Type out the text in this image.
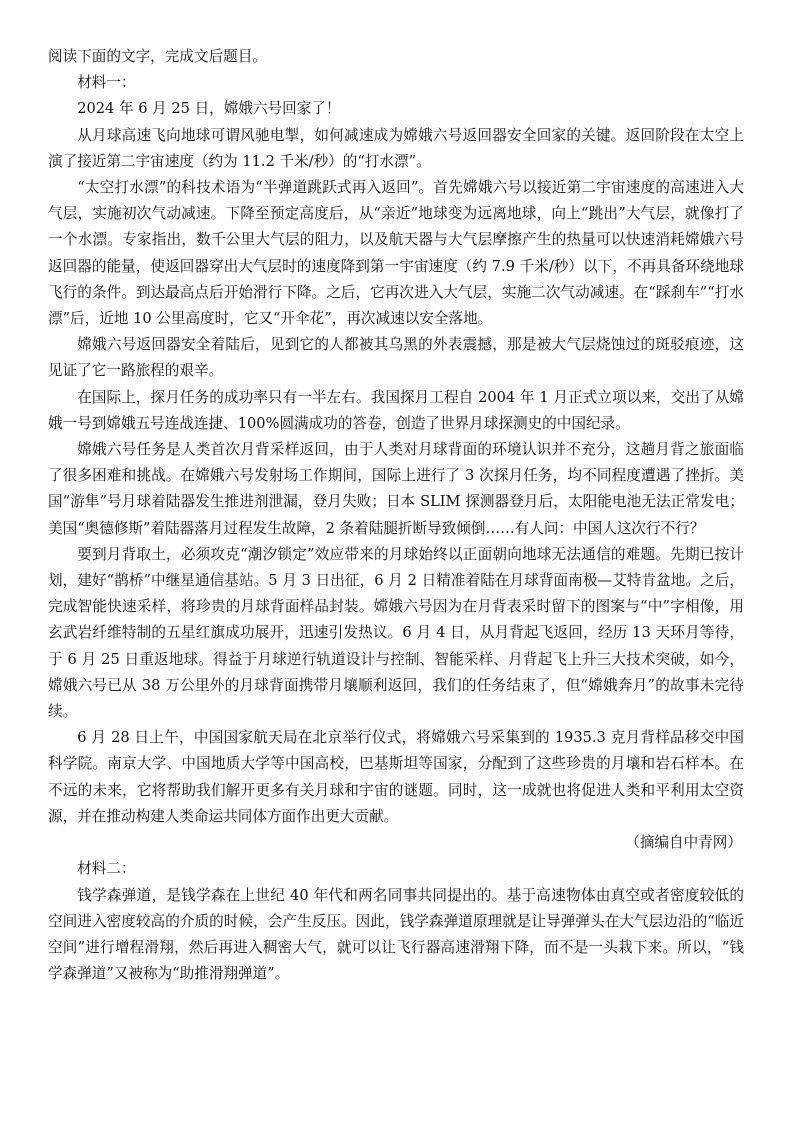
阅读下面的文字，完成文后题目。

材料一：

2024 年 6 月 25 日，嫦娥六号回家了！

从月球高速飞向地球可谓风驰电掣，如何减速成为嫦娥六号返回器安全回家的关键。返回阶段在太空上演了接近第二宇宙速度（约为 11.2 千米/秒）的“打水漂”。

“太空打水漂”的科技术语为“半弹道跳跃式再入返回”。首先嫦娥六号以接近第二宇宙速度的高速进入大气层，实施初次气动减速。下降至预定高度后，从“亲近”地球变为远离地球，向上“跳出”大气层，就像打了一个水漂。专家指出，数千公里大气层的阻力，以及航天器与大气层摩擦产生的热量可以快速消耗嫦娥六号返回器的能量，使返回器穿出大气层时的速度降到第一宇宙速度（约 7.9 千米/秒）以下，不再具备环绕地球飞行的条件。到达最高点后开始滑行下降。之后，它再次进入大气层，实施二次气动减速。在“踩刹车”“打水漂”后，近地 10 公里高度时，它又“开伞花”，再次减速以安全落地。

嫦娥六号返回器安全着陆后，见到它的人都被其乌黑的外表震撼，那是被大气层烧蚀过的斑驳痕迹，这见证了它一路旅程的艰辛。

在国际上，探月任务的成功率只有一半左右。我国探月工程自 2004 年 1 月正式立项以来，交出了从嫦娥一号到嫦娥五号连战连捷、100%圆满成功的答卷，创造了世界月球探测史的中国纪录。

嫦娥六号任务是人类首次月背采样返回，由于人类对月球背面的环境认识并不充分，这趟月背之旅面临了很多困难和挑战。在嫦娥六号发射场工作期间，国际上进行了 3 次探月任务，均不同程度遭遇了挫折。美国“游隼”号月球着陆器发生推进剂泄漏，登月失败；日本 SLIM 探测器登月后，太阳能电池无法正常发电；美国“奥德修斯”着陆器落月过程发生故障，2 条着陆腿折断导致倾倒……有人问：中国人这次行不行？

要到月背取土，必须攻克“潮汐锁定”效应带来的月球始终以正面朝向地球无法通信的难题。先期已按计划，建好“鹊桥”中继星通信基站。5 月 3 日出征，6 月 2 日精准着陆在月球背面南极—艾特肯盆地。之后，完成智能快速采样，将珍贵的月球背面样品封装。嫦娥六号因为在月背表采时留下的图案与“中”字相像，用玄武岩纤维特制的五星红旗成功展开，迅速引发热议。6 月 4 日，从月背起飞返回，经历 13 天环月等待，于 6 月 25 日重返地球。得益于月球逆行轨道设计与控制、智能采样、月背起飞上升三大技术突破，如今，嫦娥六号已从 38 万公里外的月球背面携带月壤顺利返回，我们的任务结束了，但“嫦娥奔月”的故事未完待续。

6 月 28 日上午，中国国家航天局在北京举行仪式，将嫦娥六号采集到的 1935.3 克月背样品移交中国科学院。南京大学、中国地质大学等中国高校，巴基斯坦等国家，分配到了这些珍贵的月壤和岩石样本。在不远的未来，它将帮助我们解开更多有关月球和宇宙的谜题。同时，这一成就也将促进人类和平利用太空资源，并在推动构建人类命运共同体方面作出更大贡献。

（摘编自中青网）

材料二：

钱学森弹道，是钱学森在上世纪 40 年代和两名同事共同提出的。基于高速物体由真空或者密度较低的空间进入密度较高的介质的时候，会产生反压。因此，钱学森弹道原理就是让导弹弹头在大气层边沿的“临近空间”进行增程滑翔，然后再进入稠密大气，就可以让飞行器高速滑翔下降，而不是一头栽下来。所以，“钱学森弹道”又被称为“助推滑翔弹道”。
